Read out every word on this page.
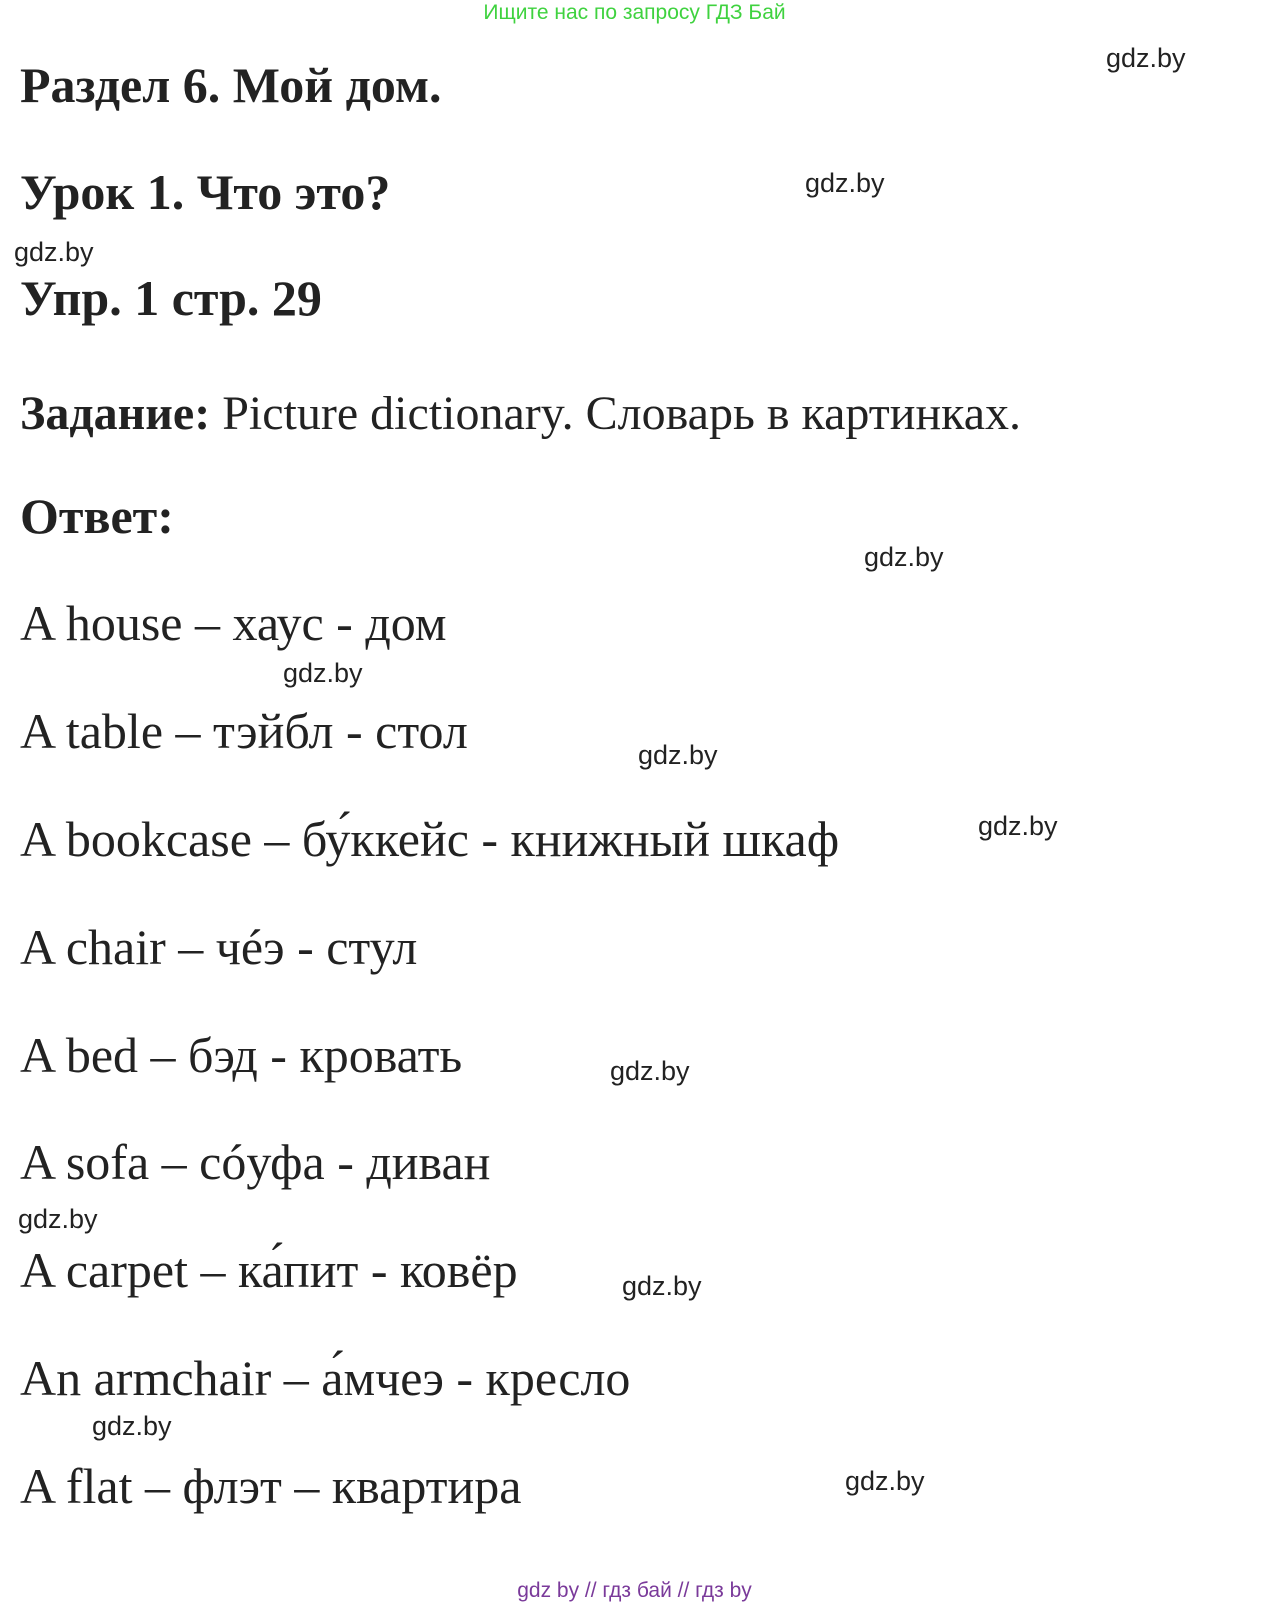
Ищите нас по запросу ГДЗ Бай
Раздел 6. Мой дом.
Урок 1. Что это?
Упр. 1 стр. 29
Задание: Picture dictionary. Словарь в картинках.
Ответ:
A house – хаус - дом
A table – тэйбл - стол
A bookcase – бу́ккейс - книжный шкаф
A chair – чéэ - стул
A bed – бэд - кровать
A sofa – сóуфа - диван
A carpet – ка́пит - ковёр
An armchair – а́мчеэ - кресло
A flat – флэт – квартира
gdz.by
gdz.by
gdz.by
gdz.by
gdz.by
gdz.by
gdz.by
gdz.by
gdz.by
gdz.by
gdz.by
gdz.by
gdz by // гдз бай // гдз by
